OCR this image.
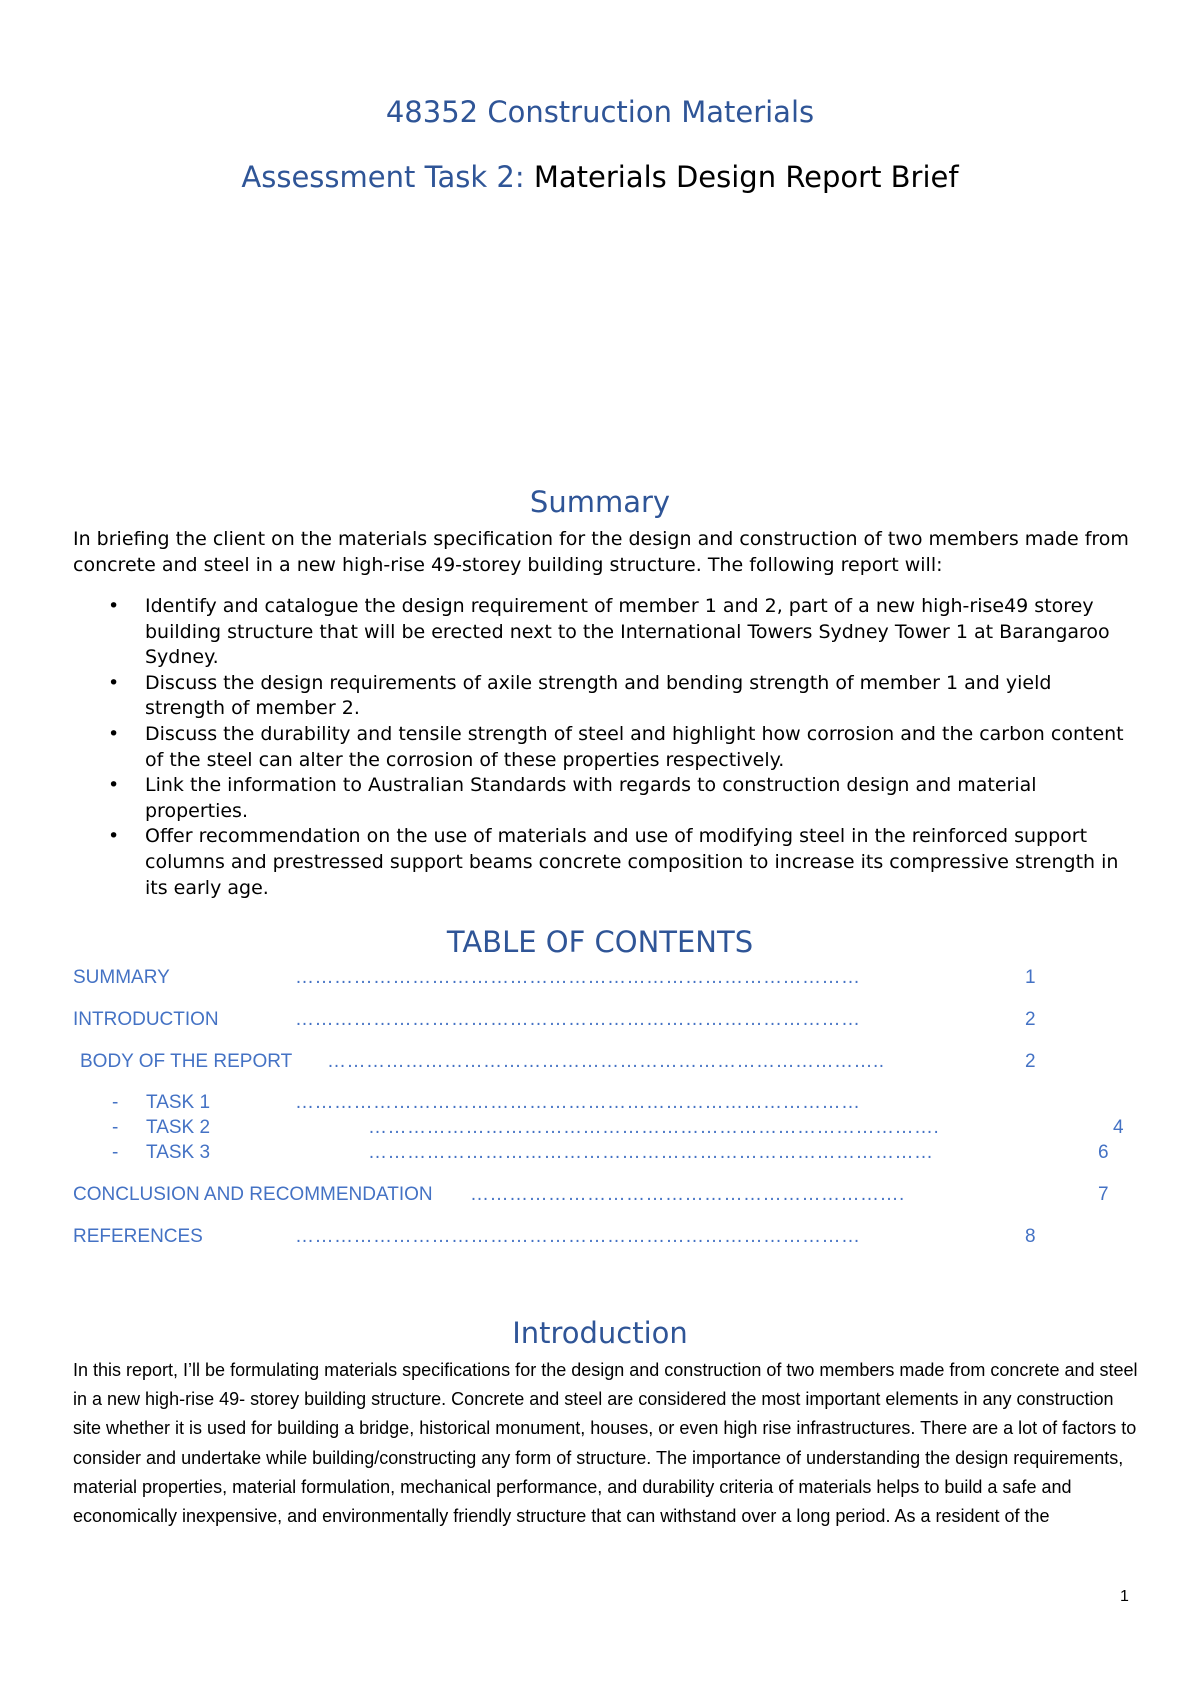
48352 Construction Materials
Assessment Task 2: Materials Design Report Brief
Summary
In briefing the client on the materials specification for the design and construction of two members made from concrete and steel in a new high-rise 49-storey building structure. The following report will:
• Identify and catalogue the design requirement of member 1 and 2, part of a new high-rise49 storey building structure that will be erected next to the International Towers Sydney Tower 1 at Barangaroo Sydney.
• Discuss the design requirements of axile strength and bending strength of member 1 and yield strength of member 2.
• Discuss the durability and tensile strength of steel and highlight how corrosion and the carbon content of the steel can alter the corrosion of these properties respectively.
• Link the information to Australian Standards with regards to construction design and material properties.
• Offer recommendation on the use of materials and use of modifying steel in the reinforced support columns and prestressed support beams concrete composition to increase its compressive strength in its early age.
TABLE OF CONTENTS
SUMMARY	……………………………………………………………………………	1
INTRODUCTION	……………………………………………………………………………	2
BODY OF THE REPORT …………………………………………………………………………..	2
- TASK 1	……………………………………………………………………………
- TASK 2	…………………………………………………………………………….	4
- TASK 3	……………………………………………………………………………	6
CONCLUSION AND RECOMMENDATION ………………………………………………………….	7
REFERENCES	……………………………………………………………………………	8
Introduction
In this report, I’ll be formulating materials specifications for the design and construction of two members made from concrete and steel in a new high-rise 49- storey building structure. Concrete and steel are considered the most important elements in any construction site whether it is used for building a bridge, historical monument, houses, or even high rise infrastructures. There are a lot of factors to consider and undertake while building/constructing any form of structure. The importance of understanding the design requirements, material properties, material formulation, mechanical performance, and durability criteria of materials helps to build a safe and economically inexpensive, and environmentally friendly structure that can withstand over a long period. As a resident of the
1
